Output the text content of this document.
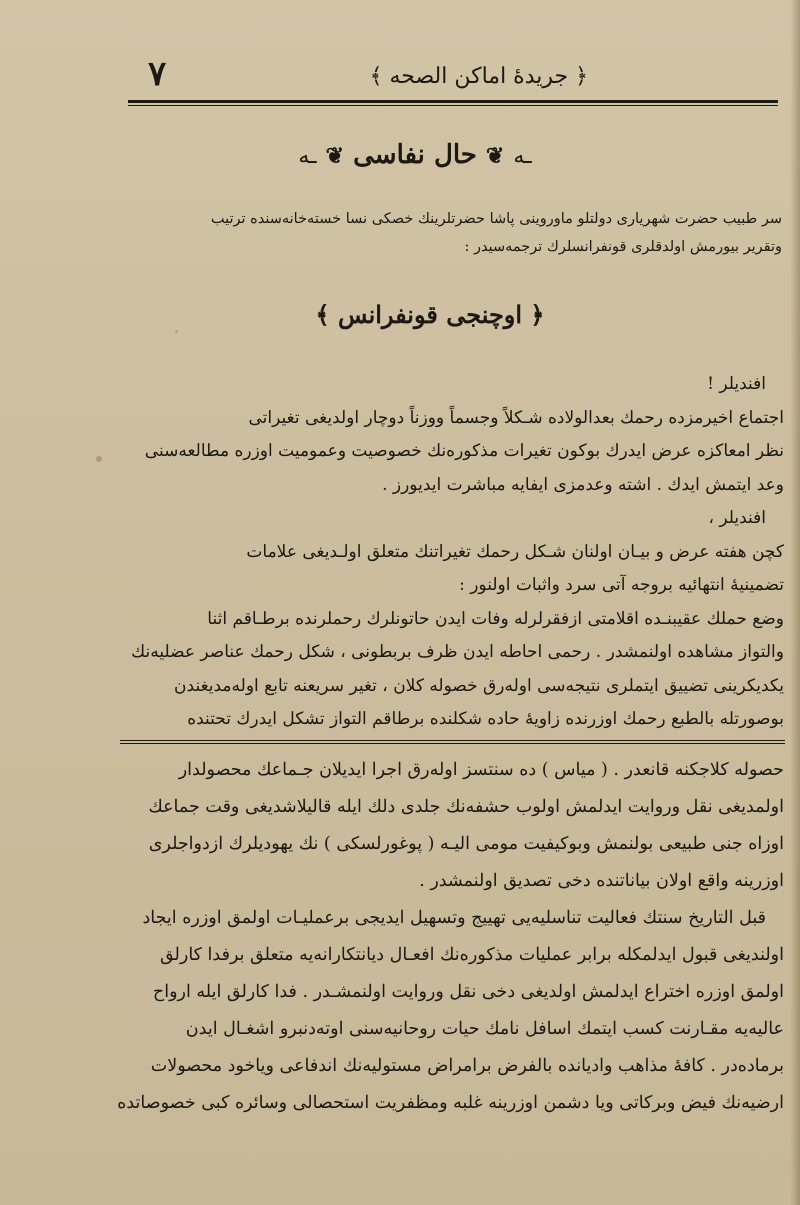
٧	﴿ جريدهٔ اماكن الصحه ﴾
ـه ❦ حال نفاسى ❦ ـه
سر طبيب حضرت شهرياری دولتلو ماوروینی پاشا حضرتلرینك خصكی نسا خسته‌خانه‌سنده ترتیب
وتقریر بیورمش اولدقلری قونفرانسلرك ترجمه‌سیدر :
﴿ اوچنجی قونفرانس ﴾

افندیلر !

اجتماع اخیرمزده رحمك بعدالولاده شـكلاً وجسماً ووزناً دوچار اولدیغی تغیراتی

نظر امعاكزه عرض ایدرك بوكون تغیرات مذكوره‌نك خصوصیت وعمومیت اوزره مطالعه‌سنی

وعد ایتمش ایدك . اشته وعدمزی ایفایه مباشرت ایدیورز .

افندیلر ،

كچن هفته عرض و بیـان اولنان شـكل رحمك تغیراتنك متعلق اولـدیغی علامات

تضمینیهٔ انتهائیه بروجه آتی سرد واثبات اولنور :

وضع حملك عقیبنـده اقلامتی ازفقرلرله وفات ایدن حاتونلرك رحملرنده برطـاقم اثنا

والتواز مشاهده اولنمشدر . رحمی احاطه ایدن ظرف بربطونی ، شكل رحمك عناصر عضلیه‌نك

یكدیكرینی تضییق ایتملری نتیجه‌سی اوله‌رق خصوله كلان ، تغیر سریعنه تابع اوله‌مدیغندن

بوصورتله بالطبع رحمك اوزرنده زاویهٔ حاده شكلنده برطاقم التواز تشكل ایدرك تحتنده

حصوله كلاجكنه قانعدر . ( میاس ) ده سنتسز اوله‌رق اجرا ایدیلان جـماعك محصولدار

اولمدیغی نقل وروایت ایدلمش اولوب حشفه‌نك جلدی دلك ایله قالیلاشدیغی وقت جماعك

اوزاه جنی طبیعی بولنمش وبوكیفیت مومی الیـه ( پوغورلسكی ) نك یهودیلرك ازدواجلری

اوزرینه واقع اولان بیاناتنده دخی تصدیق اولنمشدر .

قبل التاریخ سنتك فعالیت تناسلیه‌یی تهییج وتسهیل ایدیجی برعملیـات اولمق اوزره ایجاد

اولندیغی قبول ایدلمكله برابر عملیات مذكوره‌نك افعـال دیانتكارانه‌یه متعلق برفدا كارلق

اولمق اوزره اختراع ایدلمش اولدیغی دخی نقل وروایت اولنمشـدر . فدا كارلق ایله ارواح

عالیه‌یه مقـارنت كسب ایتمك اسافل نامك حیات روحانیه‌سنی اوته‌دنبرو اشغـال ایدن

برماده‌در . كافهٔ مذاهب وادیانده بالفرض برامراض مستولیه‌نك اندفاعی ویاخود محصولات

ارضیه‌نك فیض وبركاتی ویا دشمن اوزرینه غلبه ومظفریت استحصالی وسائره كبی خصوصاتده
